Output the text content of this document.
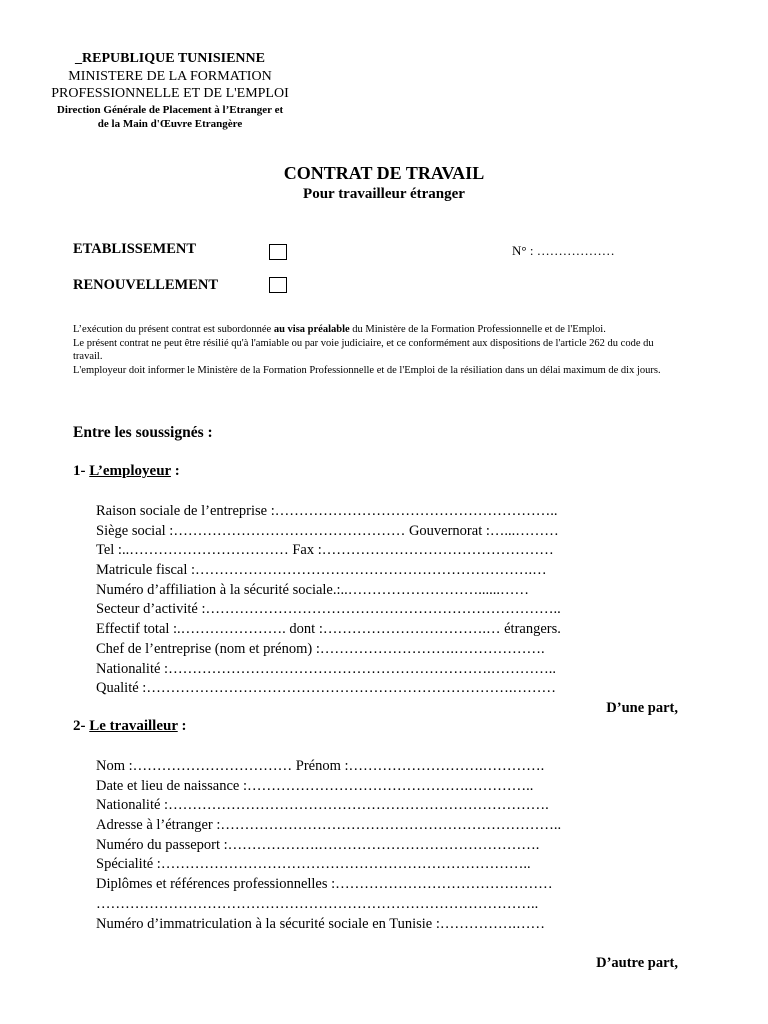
_REPUBLIQUE TUNISIENNE
MINISTERE DE LA FORMATION
PROFESSIONNELLE ET DE L'EMPLOI
Direction Générale de Placement à l’Etranger et
de la Main d'Œuvre Etrangère
CONTRAT DE TRAVAIL
Pour travailleur étranger
ETABLISSEMENT	N° : ………………
RENOUVELLEMENT

L’exécution du présent contrat est subordonnée au visa préalable du Ministère de la Formation Professionnelle et de l'Emploi.

Le présent contrat ne peut être résilié qu'à l'amiable ou par voie judiciaire, et ce conformément aux dispositions de l'article 262 du code du travail.

L'employeur doit informer le Ministère de la Formation Professionnelle et de l'Emploi de la résiliation dans un délai maximum de dix jours.

Entre les soussignés :
1- L’employeur :
Raison sociale de l’entreprise :…………………………………………………..
Siège social :………………………………………… Gouvernorat :…...………
Tel :..…………………………… Fax :…………………………………………
Matricule fiscal :…………………………………………………………….…
Numéro d’affiliation à la sécurité sociale.:..………………………......……
Secteur d’activité :………………………………………………………………..
Effectif total :.…………………. dont :…………………………….… étrangers.
Chef de l’entreprise (nom et prénom) :……………………….……………….
Nationalité :………………………………………………………….…………..
Qualité :………………………………………………………………….………
D’une part,
2- Le travailleur :
Nom :…………………………… Prénom :……………………….………….
Date et lieu de naissance :……………………………………….…………..
Nationalité :…………………………………………………………………….
Adresse à l’étranger :……………………………………………………………..
Numéro du passeport :……………….……………………………………….
Spécialité :…………………………………………………………………..
Diplômes et références professionnelles :………………………………………
………………………………………………………………………………..
Numéro d’immatriculation à la sécurité sociale en Tunisie :…………….……
D’autre part,
